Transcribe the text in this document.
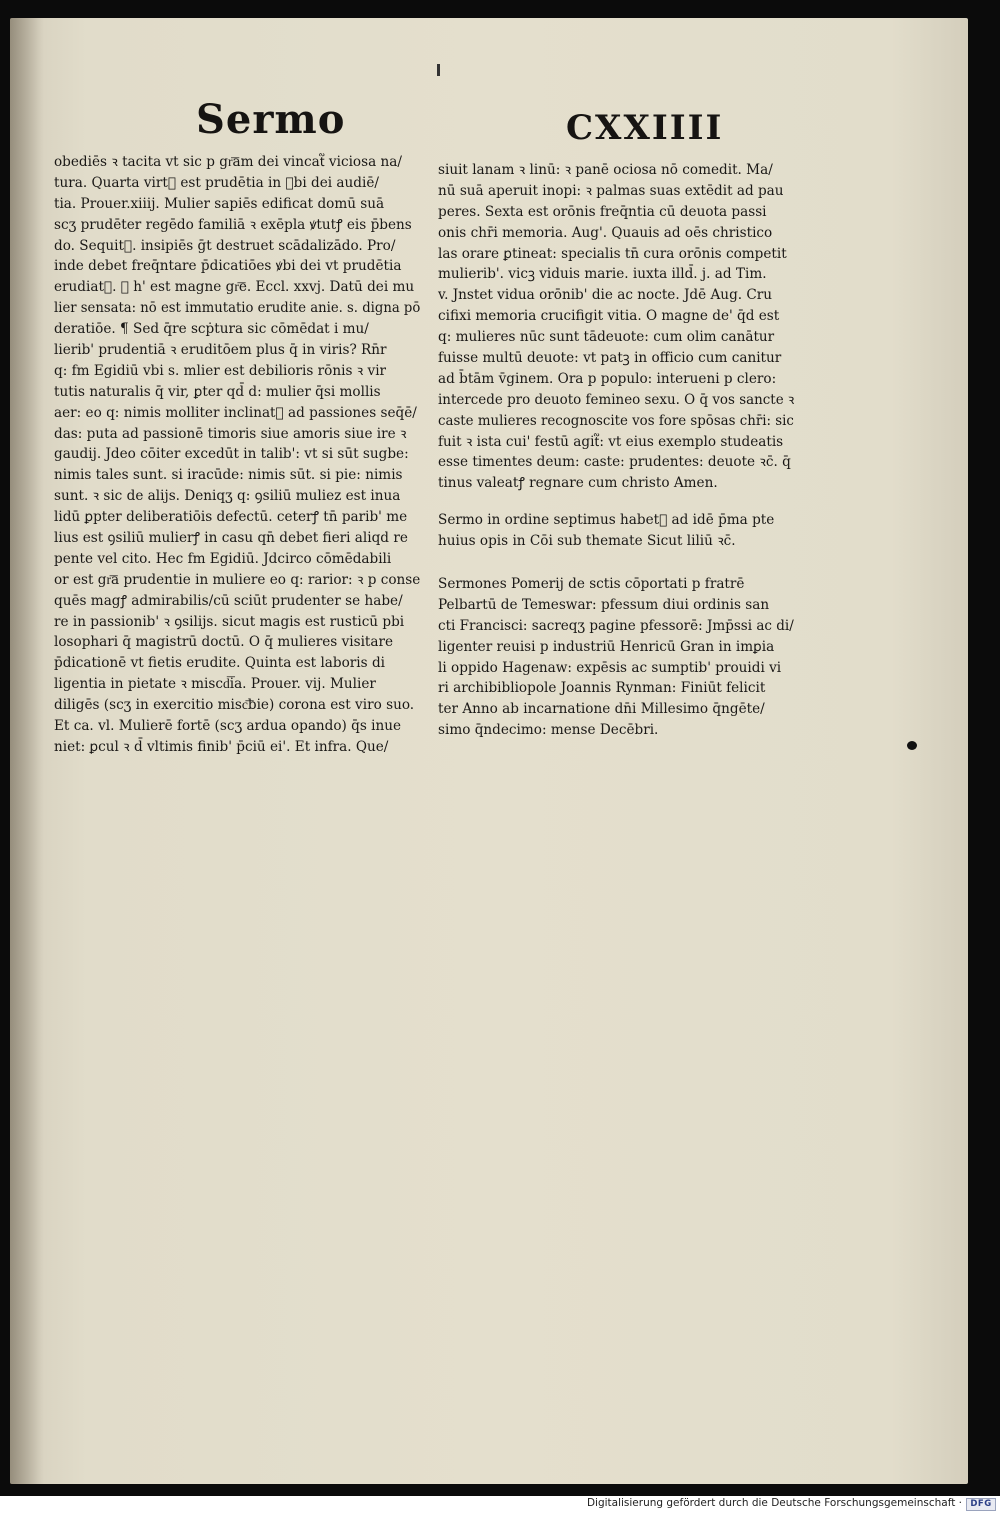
Sermo	CXXIIII
obediēs ꝛ tacita vt sic p gr͞am dei vincat᷑ viciosa na/
tura. Quarta virt᷒ est prudētia in ꝟbi dei audiē/
tia. Prouer.xiiij. Mulier sapiēs edificat domū suā
scʒ prudēter regēdo familiā ꝛ exēpla ꝟtutꝭ eis p̄bens
do. Sequit᷑. insipiēs ḡt destruet scādalizādo. Pro/
inde debet freq̄ntare p̄dicatiōes ꝟbi dei vt prudētia
erudiat᷑. ꝛ h' est magne gr͞e. Eccl. xxvj. Datū dei mu
lier sensata: nō est immutatio erudite anie. s. digna pō
deratiōe. ¶ Sed q̄re scṗtura sic cōmēdat i mu/
lierib' prudentiā ꝛ eruditōem plus q̄ in viris? Rn̄r
q: fm Egidiū vbi s. mlier est debilioris rōnis ꝛ vir
tutis naturalis q̄ vir, ꝑter qd̄ d: mulier q̄si mollis
aer: eo q: nimis molliter inclinat᷑ ad passiones seq̄ē/
das: puta ad passionē timoris siue amoris siue ire ꝛ
gaudij. Jdeo cōiter excedūt in talib': vt si sūt sugbe:
nimis tales sunt. si iracūde: nimis sūt. si pie: nimis
sunt. ꝛ sic de alijs. Deniqʒ q: ꝯsiliū muliez est inua
lidū ꝑpter deliberatiōis defectū. ceterꝭ tn̄ parib' me
lius est ꝯsiliū mulierꝭ in casu qn̄ debet fieri aliqd re
pente vel cito. Hec fm Egidiū. Jdcirco cōmēdabili
or est gr͞a prudentie in muliere eo q: rarior: ꝛ p conse
quēs magꝭ admirabilis/cū sciūt prudenter se habe/
re in passionib' ꝛ ꝯsilijs. sicut magis est rusticū pbi
losophari q̄ magistrū doctū. O q̄ mulieres visitare
p̄dicationē vt fietis erudite. Quinta est laboris di
ligentia in pietate ꝛ miscd͞ia. Prouer. vij. Mulier
diligēs (scʒ in exercitio misc͞bie) corona est viro suo.
Et ca. vl. Mulierē fortē (scʒ ardua opando) q̄s inue
niet: ꝑcul ꝛ d̄ vltimis finib' p̄ciū ei'. Et infra. Que/
siuit lanam ꝛ linū: ꝛ panē ociosa nō comedit. Ma/
nū suā aperuit inopi: ꝛ palmas suas extēdit ad pau
peres. Sexta est orōnis freq̄ntia cū deuota passi
onis chr̄i memoria. Aug'. Quauis ad oēs christico
las orare ꝑtineat: specialis tn̄ cura orōnis competit
mulierib'. vicꝫ viduis marie. iuxta illd̄. j. ad Tim.
v. Jnstet vidua orōnib' die ac nocte. Jdē Aug. Cru
cifixi memoria crucifigit vitia. O magne de' q̄d est
q: mulieres nūc sunt tādeuote: cum olim canātur
fuisse multū deuote: vt patꝫ in officio cum canitur
ad b̄tām v̄ginem. Ora p populo: interueni p clero:
intercede pro deuoto femineo sexu. O q̄ vos sancte ꝛ
caste mulieres recognoscite vos fore spōsas chr̄i: sic
fuit ꝛ ista cui' festū agit᷑: vt eius exemplo studeatis
esse timentes deum: caste: prudentes: deuote ꝛc̄. q̄
tinus valeatꝭ regnare cum christo Amen.
Sermo in ordine septimus habet᷑ ad idē p̄ma pte
huius opis in Cōi sub themate Sicut liliū ꝛc̄.
Sermones Pomerij de sctis cōportati p fratrē
Pelbartū de Temeswar: pfessum diui ordinis san
cti Francisci: sacreqʒ pagine pfessorē: Jmp̄ssi ac di/
ligenter reuisi p industriū Henricū Gran in imꝑia
li oppido Hagenaw: expēsis ac sumptib' prouidi vi
ri archibibliopole Joannis Rynman: Finiūt felicit
ter Anno ab incarnatione dn̄i Millesimo q̄ngēte/
simo q̄ndecimo: mense Decēbri.
Digitalisierung gefördert durch die Deutsche Forschungsgemeinschaft · DFG
